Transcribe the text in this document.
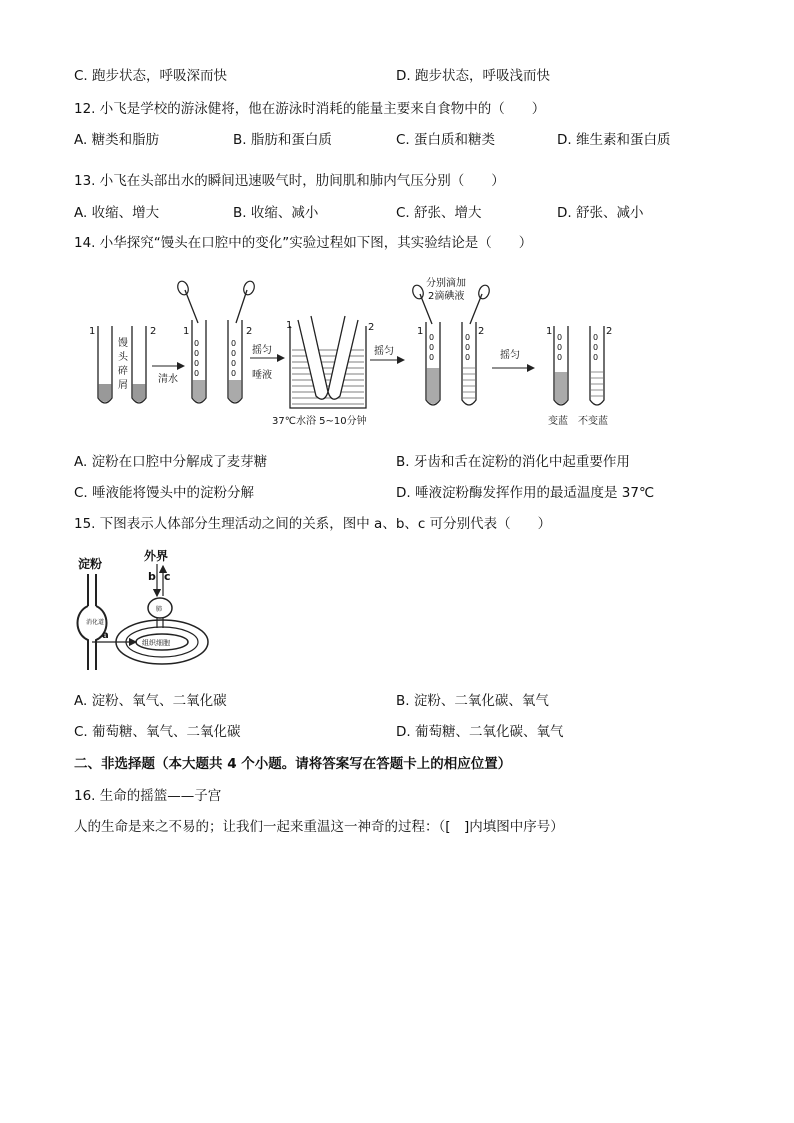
C. 跑步状态，呼吸深而快	D. 跑步状态，呼吸浅而快
12. 小飞是学校的游泳健将，他在游泳时消耗的能量主要来自食物中的（　　）
A. 糖类和脂肪	B. 脂肪和蛋白质	C. 蛋白质和糖类	D. 维生素和蛋白质
13. 小飞在头部出水的瞬间迅速吸气时，肋间肌和肺内气压分别（　　）
A. 收缩、增大	B. 收缩、减小	C. 舒张、增大	D. 舒张、减小
14. 小华探究“馒头在口腔中的变化”实验过程如下图，其实验结论是（　　）
1	2
馒
头
碎
屑
清水
1	2
0
0
0
0
0
0
0
0
摇匀
唾液
1	2
37℃水浴 5~10分钟
摇匀
分别滴加
2滴碘液
1	2
0
0
0
0
0
0	摇匀
0
0
0
0
0
0
1	2
变蓝 不变蓝
A. 淀粉在口腔中分解成了麦芽糖	B. 牙齿和舌在淀粉的消化中起重要作用
C. 唾液能将馒头中的淀粉分解	D. 唾液淀粉酶发挥作用的最适温度是 37℃
15. 下图表示人体部分生理活动之间的关系，图中 a、b、c 可分别代表（　　）
淀粉
外界
消化道
a
b c
肺
组织细胞
A. 淀粉、氧气、二氧化碳	B. 淀粉、二氧化碳、氧气
C. 葡萄糖、氧气、二氧化碳	D. 葡萄糖、二氧化碳、氧气
二、非选择题（本大题共 4 个小题。请将答案写在答题卡上的相应位置）
16. 生命的摇篮——子宫
人的生命是来之不易的；让我们一起来重温这一神奇的过程：（[　]内填图中序号）
